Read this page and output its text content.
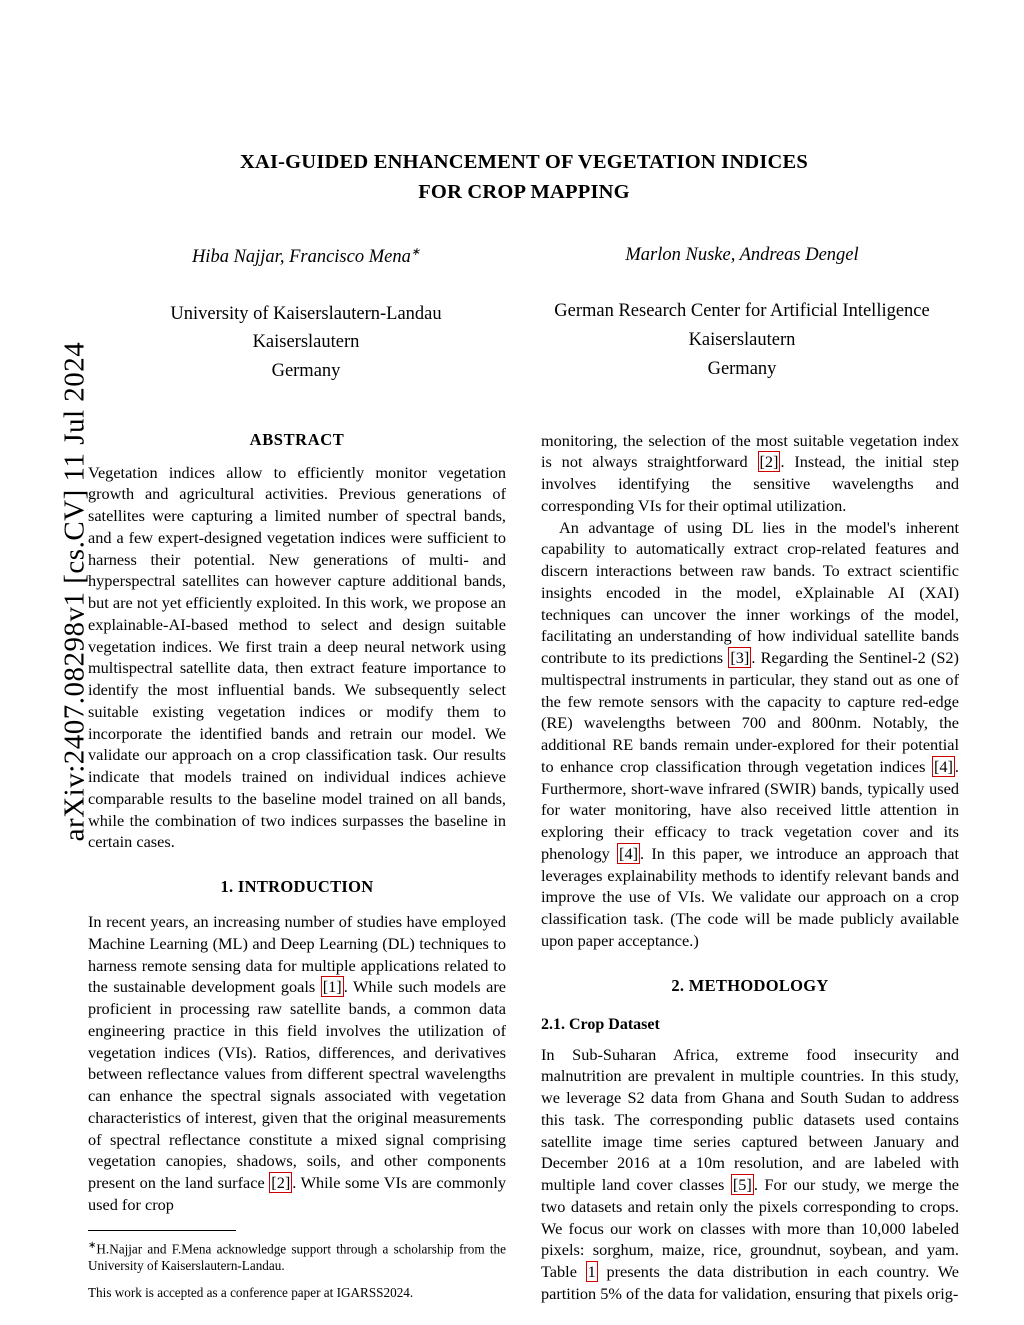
arXiv:2407.08298v1 [cs.CV] 11 Jul 2024
XAI-GUIDED ENHANCEMENT OF VEGETATION INDICES
FOR CROP MAPPING
Hiba Najjar, Francisco Mena∗
University of Kaiserslautern-Landau
Kaiserslautern
Germany
Marlon Nuske, Andreas Dengel
German Research Center for Artificial Intelligence
Kaiserslautern
Germany
ABSTRACT

Vegetation indices allow to efficiently monitor vegetation growth and agricultural activities. Previous generations of satellites were capturing a limited number of spectral bands, and a few expert-designed vegetation indices were sufficient to harness their potential. New generations of multi- and hyperspectral satellites can however capture additional bands, but are not yet efficiently exploited. In this work, we propose an explainable-AI-based method to select and design suitable vegetation indices. We first train a deep neural network using multispectral satellite data, then extract feature importance to identify the most influential bands. We subsequently select suitable existing vegetation indices or modify them to incorporate the identified bands and retrain our model. We validate our approach on a crop classification task. Our results indicate that models trained on individual indices achieve comparable results to the baseline model trained on all bands, while the combination of two indices surpasses the baseline in certain cases.

1. INTRODUCTION

In recent years, an increasing number of studies have employed Machine Learning (ML) and Deep Learning (DL) techniques to harness remote sensing data for multiple applications related to the sustainable development goals [1] . While such models are proficient in processing raw satellite bands, a common data engineering practice in this field involves the utilization of vegetation indices (VIs). Ratios, differences, and derivatives between reflectance values from different spectral wavelengths can enhance the spectral signals associated with vegetation characteristics of interest, given that the original measurements of spectral reflectance constitute a mixed signal comprising vegetation canopies, shadows, soils, and other components present on the land surface [2] . While some VIs are commonly used for crop

∗H.Najjar and F.Mena acknowledge support through a scholarship from the University of Kaiserslautern-Landau.
This work is accepted as a conference paper at IGARSS2024.

monitoring, the selection of the most suitable vegetation index is not always straightforward [2] . Instead, the initial step involves identifying the sensitive wavelengths and corresponding VIs for their optimal utilization.

An advantage of using DL lies in the model's inherent capability to automatically extract crop-related features and discern interactions between raw bands. To extract scientific insights encoded in the model, eXplainable AI (XAI) techniques can uncover the inner workings of the model, facilitating an understanding of how individual satellite bands contribute to its predictions [3] . Regarding the Sentinel-2 (S2) multispectral instruments in particular, they stand out as one of the few remote sensors with the capacity to capture red-edge (RE) wavelengths between 700 and 800nm. Notably, the additional RE bands remain under-explored for their potential to enhance crop classification through vegetation indices [4] . Furthermore, short-wave infrared (SWIR) bands, typically used for water monitoring, have also received little attention in exploring their efficacy to track vegetation cover and its phenology [4] . In this paper, we introduce an approach that leverages explainability methods to identify relevant bands and improve the use of VIs. We validate our approach on a crop classification task. (The code will be made publicly available upon paper acceptance.)

2. METHODOLOGY
2.1. Crop Dataset

In Sub-Suharan Africa, extreme food insecurity and malnutrition are prevalent in multiple countries. In this study, we leverage S2 data from Ghana and South Sudan to address this task. The corresponding public datasets used contains satellite image time series captured between January and December 2016 at a 10m resolution, and are labeled with multiple land cover classes [5] . For our study, we merge the two datasets and retain only the pixels corresponding to crops. We focus our work on classes with more than 10,000 labeled pixels: sorghum, maize, rice, groundnut, soybean, and yam. Table 1 presents the data distribution in each country. We partition 5% of the data for validation, ensuring that pixels orig-
